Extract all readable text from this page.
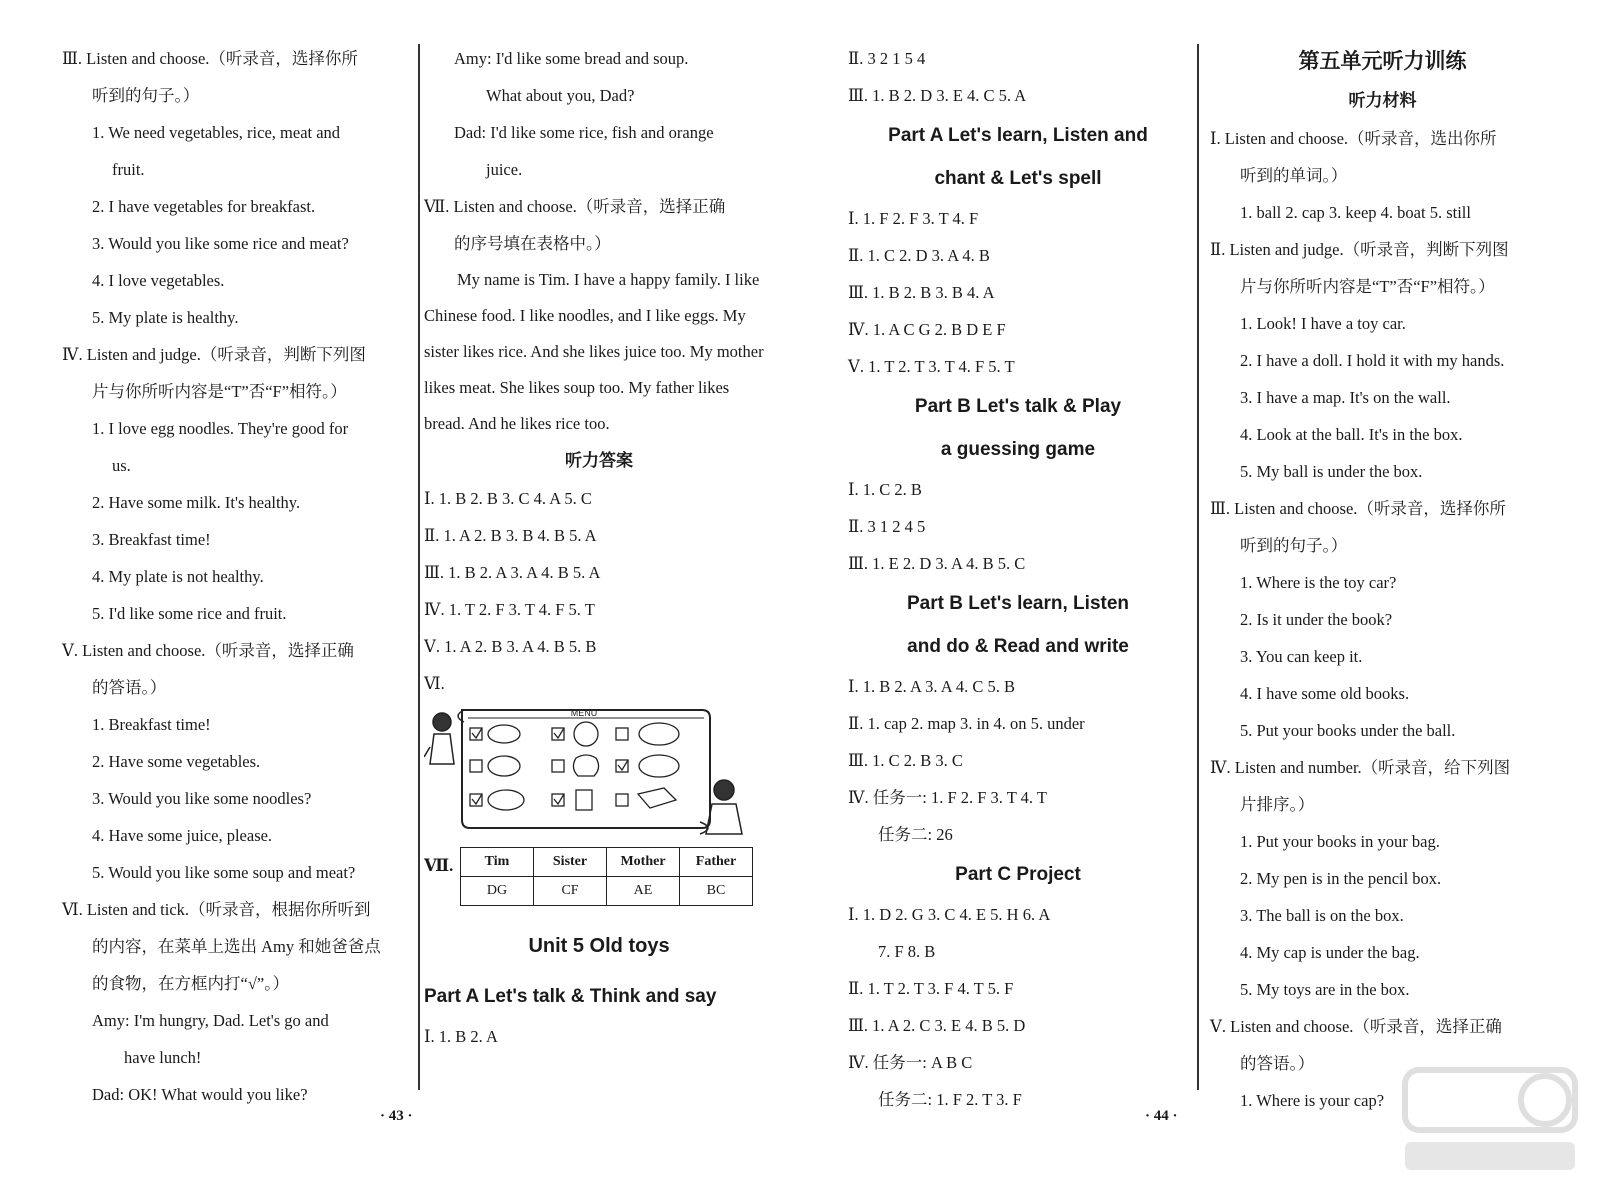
Ⅲ. Listen and choose.（听录音，选择你所
听到的句子。）
1. We need vegetables, rice, meat and
fruit.
2. I have vegetables for breakfast.
3. Would you like some rice and meat?
4. I love vegetables.
5. My plate is healthy.
Ⅳ. Listen and judge.（听录音，判断下列图
片与你所听内容是“T”否“F”相符。）
1. I love egg noodles. They're good for
us.
2. Have some milk. It's healthy.
3. Breakfast time!
4. My plate is not healthy.
5. I'd like some rice and fruit.
Ⅴ. Listen and choose.（听录音，选择正确
的答语。）
1. Breakfast time!
2. Have some vegetables.
3. Would you like some noodles?
4. Have some juice, please.
5. Would you like some soup and meat?
Ⅵ. Listen and tick.（听录音，根据你所听到
的内容，在菜单上选出 Amy 和她爸爸点
的食物，在方框内打“√”。）
Amy: I'm hungry, Dad. Let's go and
have lunch!
Dad: OK! What would you like?
Amy: I'd like some bread and soup.
What about you, Dad?
Dad: I'd like some rice, fish and orange
juice.
Ⅶ. Listen and choose.（听录音，选择正确
的序号填在表格中。）
My name is Tim. I have a happy family. I like Chinese food. I like noodles, and I like eggs. My sister likes rice. And she likes juice too. My mother likes meat. She likes soup too. My father likes bread. And he likes rice too.
听力答案
Ⅰ. 1. B 2. B 3. C 4. A 5. C
Ⅱ. 1. A 2. B 3. B 4. B 5. A
Ⅲ. 1. B 2. A 3. A 4. B 5. A
Ⅳ. 1. T 2. F 3. T 4. F 5. T
Ⅴ. 1. A 2. B 3. A 4. B 5. B
Ⅵ.
MENU
Ⅶ. Tim	Sister	Mother	Father
DG	CF	AE	BC
Unit 5 Old toys
Part A Let's talk & Think and say
Ⅰ. 1. B 2. A
Ⅱ. 3 2 1 5 4
Ⅲ. 1. B 2. D 3. E 4. C 5. A
Part A Let's learn, Listen and
chant & Let's spell
Ⅰ. 1. F 2. F 3. T 4. F
Ⅱ. 1. C 2. D 3. A 4. B
Ⅲ. 1. B 2. B 3. B 4. A
Ⅳ. 1. A C G 2. B D E F
Ⅴ. 1. T 2. T 3. T 4. F 5. T
Part B Let's talk & Play
a guessing game
Ⅰ. 1. C 2. B
Ⅱ. 3 1 2 4 5
Ⅲ. 1. E 2. D 3. A 4. B 5. C
Part B Let's learn, Listen
and do & Read and write
Ⅰ. 1. B 2. A 3. A 4. C 5. B
Ⅱ. 1. cap 2. map 3. in 4. on 5. under
Ⅲ. 1. C 2. B 3. C
Ⅳ. 任务一: 1. F 2. F 3. T 4. T
任务二: 26
Part C Project
Ⅰ. 1. D 2. G 3. C 4. E 5. H 6. A
7. F 8. B
Ⅱ. 1. T 2. T 3. F 4. T 5. F
Ⅲ. 1. A 2. C 3. E 4. B 5. D
Ⅳ. 任务一: A B C
任务二: 1. F 2. T 3. F
第五单元听力训练
听力材料
Ⅰ. Listen and choose.（听录音，选出你所
听到的单词。）
1. ball 2. cap 3. keep 4. boat 5. still
Ⅱ. Listen and judge.（听录音，判断下列图
片与你所听内容是“T”否“F”相符。）
1. Look! I have a toy car.
2. I have a doll. I hold it with my hands.
3. I have a map. It's on the wall.
4. Look at the ball. It's in the box.
5. My ball is under the box.
Ⅲ. Listen and choose.（听录音，选择你所
听到的句子。）
1. Where is the toy car?
2. Is it under the book?
3. You can keep it.
4. I have some old books.
5. Put your books under the ball.
Ⅳ. Listen and number.（听录音，给下列图
片排序。）
1. Put your books in your bag.
2. My pen is in the pencil box.
3. The ball is on the box.
4. My cap is under the bag.
5. My toys are in the box.
Ⅴ. Listen and choose.（听录音，选择正确
的答语。）
1. Where is your cap?
· 43 ·	· 44 ·
